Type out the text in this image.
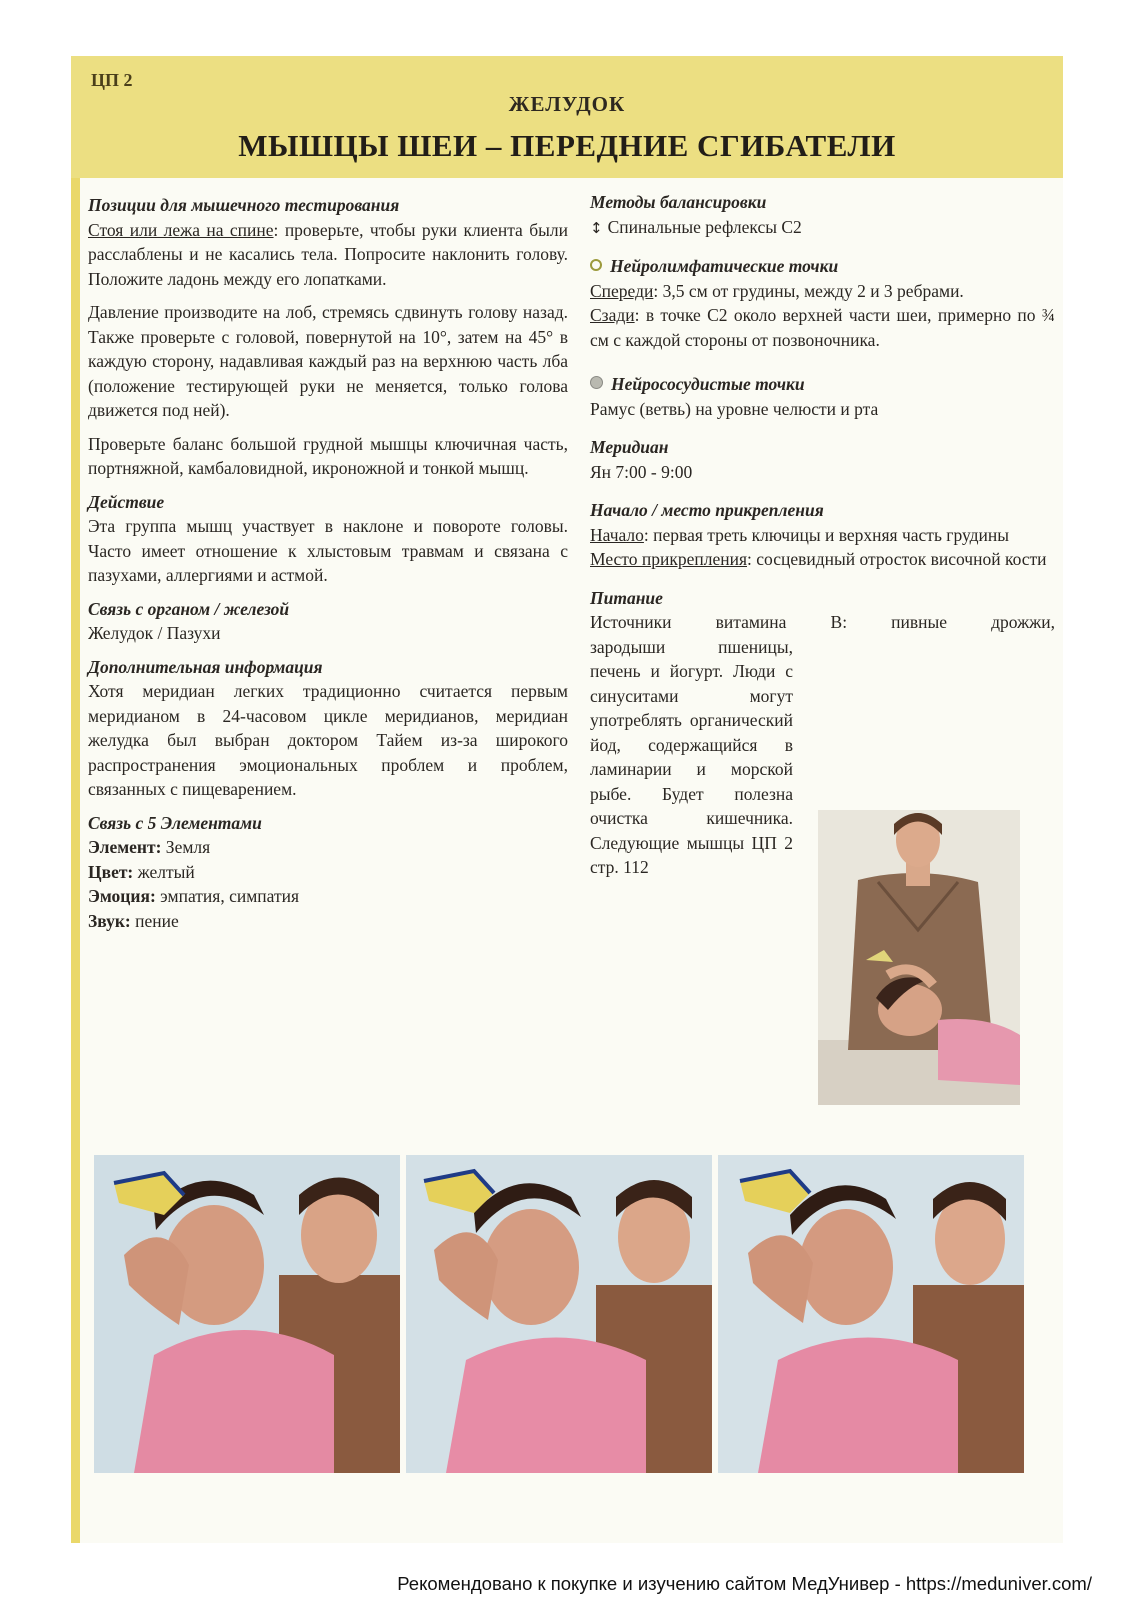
ЦП 2
ЖЕЛУДОК
МЫШЦЫ ШЕИ – ПЕРЕДНИЕ СГИБАТЕЛИ
Позиции для мышечного тестирования
Стоя или лежа на спине: проверьте, чтобы руки клиента были расслаблены и не касались тела. Попросите наклонить голову. Положите ладонь между его лопатками.
Давление производите на лоб, стремясь сдвинуть голову назад. Также проверьте с головой, повернутой на 10°, затем на 45° в каждую сторону, надавливая каждый раз на верхнюю часть лба (положение тестирующей руки не меняется, только голова движется под ней).
Проверьте баланс большой грудной мышцы ключичная часть, портняжной, камбаловидной, икроножной и тонкой мышц.
Действие
Эта группа мышц участвует в наклоне и повороте головы. Часто имеет отношение к хлыстовым травмам и связана с пазухами, аллергиями и астмой.
Связь с органом / железой
Желудок / Пазухи
Дополнительная информация
Хотя меридиан легких традиционно считается первым меридианом в 24-часовом цикле меридианов, меридиан желудка был выбран доктором Тайем из-за широкого распространения эмоциональных проблем и проблем, связанных с пищеварением.
Связь с 5 Элементами
Элемент: Земля
Цвет: желтый
Эмоция: эмпатия, симпатия
Звук: пение
Методы балансировки
↕ Спинальные рефлексы С2
Нейролимфатические точки
Спереди: 3,5 см от грудины, между 2 и 3 ребрами.
Сзади: в точке С2 около верхней части шеи, примерно по ¾ см с каждой стороны от позвоночника.
Нейрососудистые точки
Рамус (ветвь) на уровне челюсти и рта
Меридиан
Ян 7:00 - 9:00
Начало / место прикрепления
Начало: первая треть ключицы и верхняя часть грудины
Место прикрепления: сосцевидный отросток височной кости
Питание
Источники витамина B: пивные дрожжи,
зародыши пшеницы, печень и йогурт. Люди с синуситами могут употреблять органический йод, содержащийся в ламинарии и морской рыбе. Будет полезна очистка кишечника. Следующие мышцы ЦП 2 стр. 112
Рекомендовано к покупке и изучению сайтом МедУнивер - https://meduniver.com/
